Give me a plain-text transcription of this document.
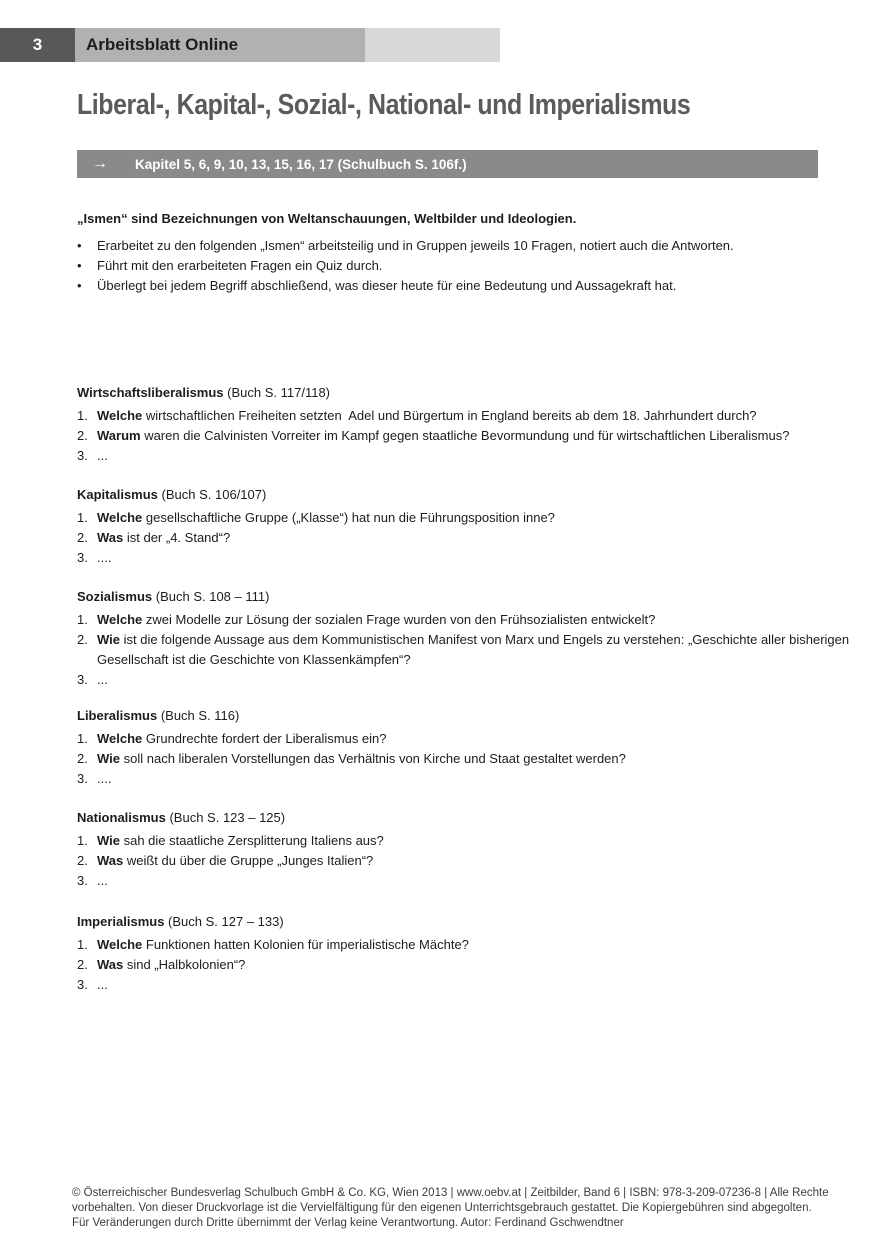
3	Arbeitsblatt Online
Liberal-, Kapital-, Sozial-, National- und Imperialismus
→ Kapitel 5, 6, 9, 10, 13, 15, 16, 17 (Schulbuch S. 106f.)

„Ismen“ sind Bezeichnungen von Weltanschauungen, Weltbilder und Ideologien.

•	Erarbeitet zu den folgenden „Ismen“ arbeitsteilig und in Gruppen jeweils 10 Fragen, notiert auch die Antworten.
•	Führt mit den erarbeiteten Fragen ein Quiz durch.
•	Überlegt bei jedem Begriff abschließend, was dieser heute für eine Bedeutung und Aussagekraft hat.
Wirtschaftsliberalismus (Buch S. 117/118)
1. Welche wirtschaftlichen Freiheiten setzten  Adel und Bürgertum in England bereits ab dem 18. Jahrhundert durch?
2. Warum waren die Calvinisten Vorreiter im Kampf gegen staatliche Bevormundung und für wirtschaftlichen Liberalismus?
3. ...
Kapitalismus (Buch S. 106/107)
1. Welche gesellschaftliche Gruppe („Klasse“) hat nun die Führungsposition inne?
2. Was ist der „4. Stand“?
3. ....
Sozialismus (Buch S. 108 – 111)
1. Welche zwei Modelle zur Lösung der sozialen Frage wurden von den Frühsozialisten entwickelt?
2. Wie ist die folgende Aussage aus dem Kommunistischen Manifest von Marx und Engels zu verstehen: „Geschichte aller bisherigen Gesellschaft ist die Geschichte von Klassenkämpfen“?
3. ...
Liberalismus (Buch S. 116)
1. Welche Grundrechte fordert der Liberalismus ein?
2. Wie soll nach liberalen Vorstellungen das Verhältnis von Kirche und Staat gestaltet werden?
3. ....
Nationalismus (Buch S. 123 – 125)
1. Wie sah die staatliche Zersplitterung Italiens aus?
2. Was weißt du über die Gruppe „Junges Italien“?
3. ...
Imperialismus (Buch S. 127 – 133)
1. Welche Funktionen hatten Kolonien für imperialistische Mächte?
2. Was sind „Halbkolonien“?
3. ...
© Österreichischer Bundesverlag Schulbuch GmbH & Co. KG, Wien 2013 | www.oebv.at | Zeitbilder, Band 6 | ISBN: 978-3-209-07236-8 | Alle Rechte
vorbehalten. Von dieser Druckvorlage ist die Vervielfältigung für den eigenen Unterrichtsgebrauch gestattet. Die Kopiergebühren sind abgegolten.
Für Veränderungen durch Dritte übernimmt der Verlag keine Verantwortung. Autor: Ferdinand Gschwendtner
